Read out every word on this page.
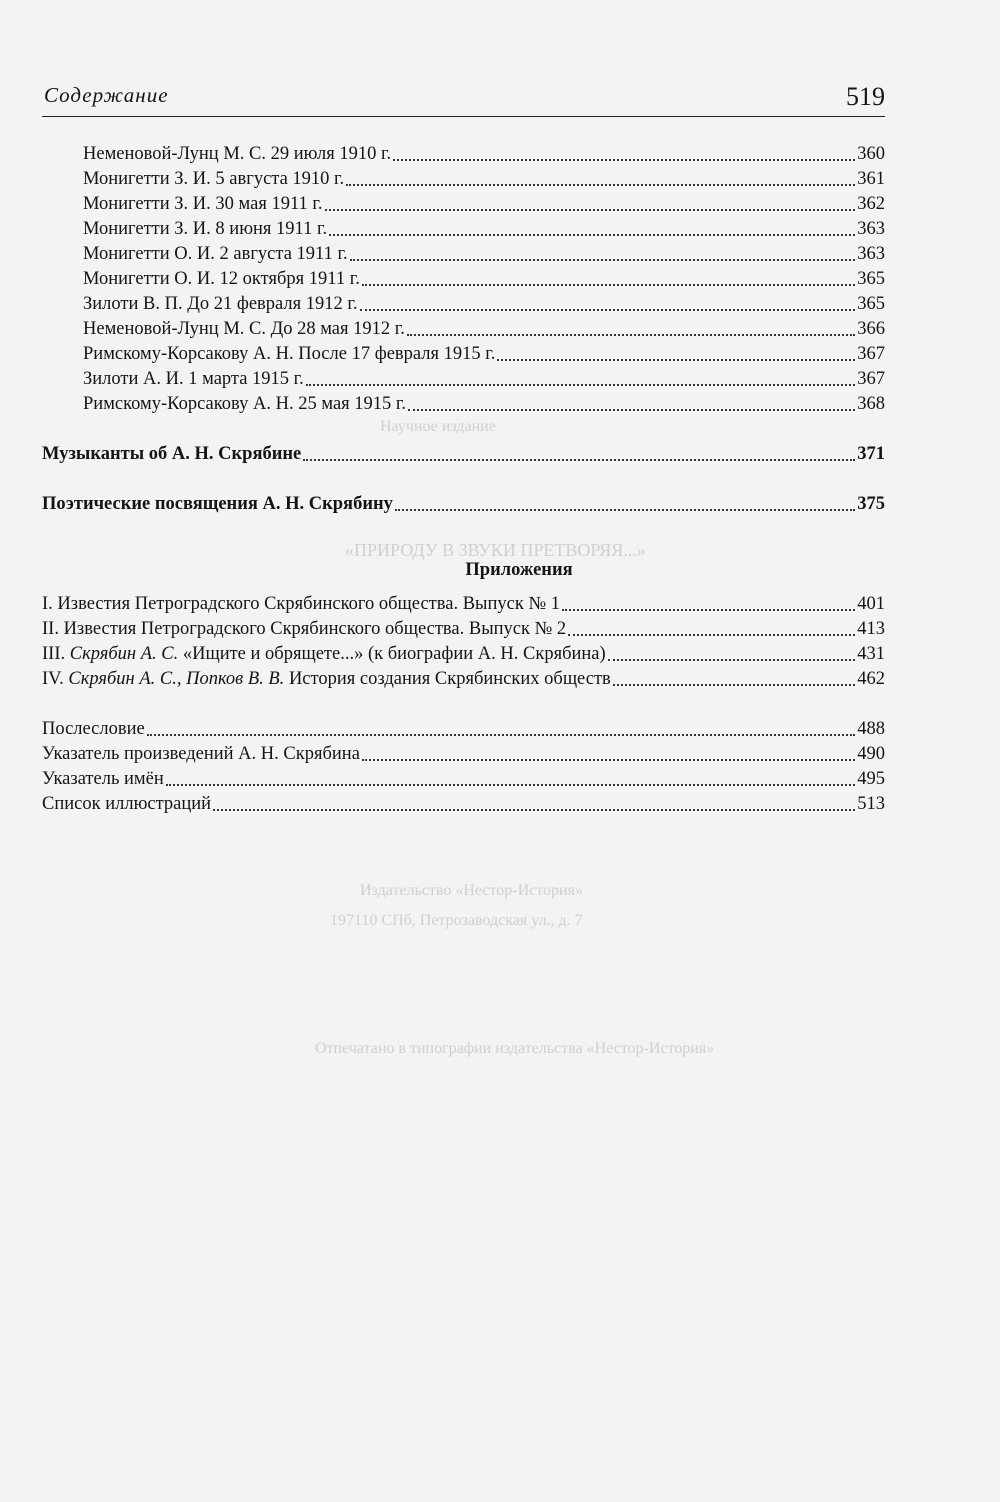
Научное издание
«ПРИРОДУ В ЗВУКИ ПРЕТВОРЯЯ...»
Издательство «Нестор-История»
197110 СПб, Петрозаводская ул., д. 7
Отпечатано в типографии издательства «Нестор-История»
Содержание	519
Неменовой-Лунц М. С. 29 июля 1910 г.	360
Монигетти З. И. 5 августа 1910 г.	361
Монигетти З. И. 30 мая 1911 г.	362
Монигетти З. И. 8 июня 1911 г.	363
Монигетти О. И. 2 августа 1911 г.	363
Монигетти О. И. 12 октября 1911 г.	365
Зилоти В. П. До 21 февраля 1912 г.	365
Неменовой-Лунц М. С. До 28 мая 1912 г.	366
Римскому-Корсакову А. Н. После 17 февраля 1915 г.	367
Зилоти А. И. 1 марта 1915 г.	367
Римскому-Корсакову А. Н. 25 мая 1915 г.	368
Музыканты об А. Н. Скрябине	371
Поэтические посвящения А. Н. Скрябину	375
Приложения
I. Известия Петроградского Скрябинского общества. Выпуск № 1	401
II. Известия Петроградского Скрябинского общества. Выпуск № 2	413
III. Скрябин А. С. «Ищите и обрящете...» (к биографии А. Н. Скрябина)	431
IV. Скрябин А. С., Попков В. В. История создания Скрябинских обществ	462
Послесловие	488
Указатель произведений А. Н. Скрябина	490
Указатель имён	495
Список иллюстраций	513
